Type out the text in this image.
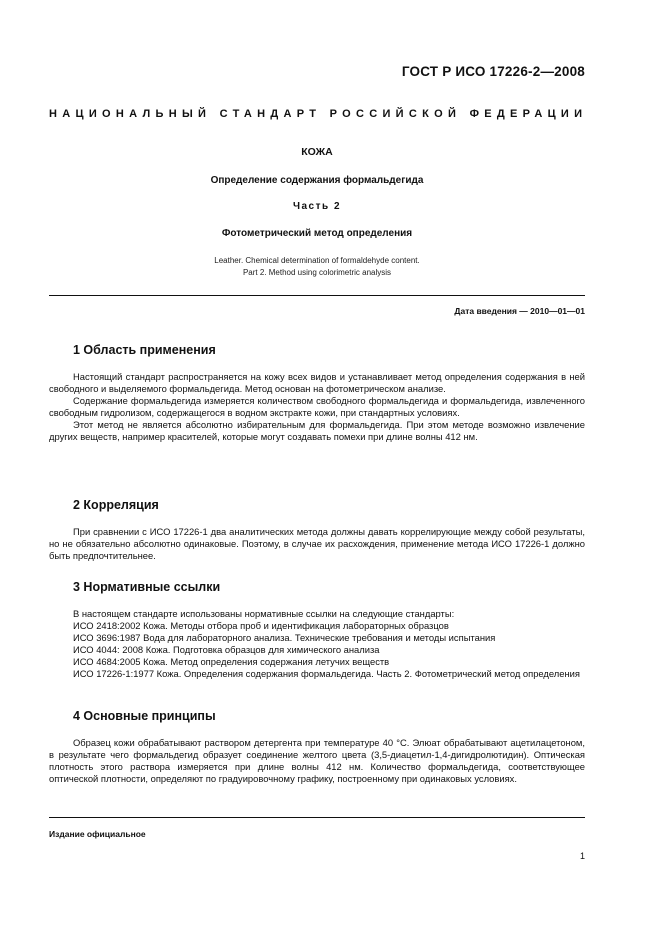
ГОСТ Р ИСО 17226-2—2008
НАЦИОНАЛЬНЫЙ СТАНДАРТ РОССИЙСКОЙ ФЕДЕРАЦИИ
КОЖА
Определение содержания формальдегида
Часть 2
Фотометрический метод определения
Leather. Chemical determination of formaldehyde content.
Part 2. Method using colorimetric analysis
Дата введения — 2010—01—01
1 Область применения

Настоящий стандарт распространяется на кожу всех видов и устанавливает метод определения содержания в ней свободного и выделяемого формальдегида. Метод основан на фотометрическом анализе.

Содержание формальдегида измеряется количеством свободного формальдегида и формальдегида, извлеченного свободным гидролизом, содержащегося в водном экстракте кожи, при стандартных условиях.

Этот метод не является абсолютно избирательным для формальдегида. При этом методе возможно извлечение других веществ, например красителей, которые могут создавать помехи при длине волны 412 нм.

2 Корреляция

При сравнении с ИСО 17226-1 два аналитических метода должны давать коррелирующие между собой результаты, но не обязательно абсолютно одинаковые. Поэтому, в случае их расхождения, применение метода ИСО 17226-1 должно быть предпочтительнее.

3 Нормативные ссылки

В настоящем стандарте использованы нормативные ссылки на следующие стандарты:

ИСО 2418:2002 Кожа. Методы отбора проб и идентификация лабораторных образцов

ИСО 3696:1987 Вода для лабораторного анализа. Технические требования и методы испытания

ИСО 4044: 2008 Кожа. Подготовка образцов для химического анализа

ИСО 4684:2005 Кожа. Метод определения содержания летучих веществ

ИСО 17226-1:1977 Кожа. Определения содержания формальдегида. Часть 2. Фотометрический метод определения

4 Основные принципы

Образец кожи обрабатывают раствором детергента при температуре 40 °С. Элюат обрабатывают ацетилацетоном, в результате чего формальдегид образует соединение желтого цвета (3,5-диацетил-1,4-дигидролютидин). Оптическая плотность этого раствора измеряется при длине волны 412 нм. Количество формальдегида, соответствующее оптической плотности, определяют по градуировочному графику, построенному при одинаковых условиях.

Издание официальное
1
